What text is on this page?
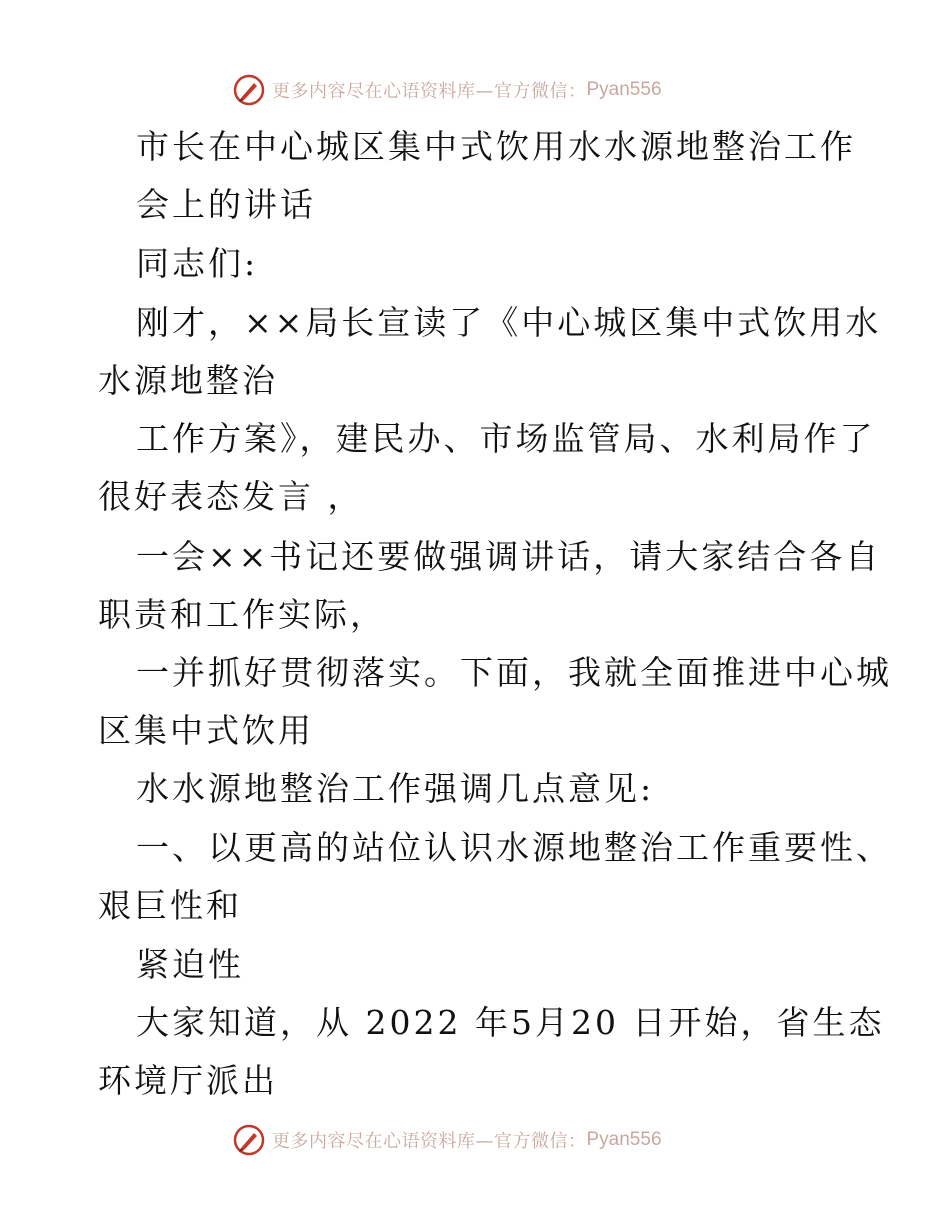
更多内容尽在心语资料库—官方微信： Pyan556
市长在中心城区集中式饮用水水源地整治工作
会上的讲话
同志们:
刚才，××局长宣读了《中心城区集中式饮用水
水源地整治
工作方案》，建民办、市场监管局、水利局作了
很好表态发言 ，
一会××书记还要做强调讲话，请大家结合各自
职责和工作实际，
一并抓好贯彻落实。下面，我就全面推进中心城
区集中式饮用
水水源地整治工作强调几点意见:
一、以更高的站位认识水源地整治工作重要性、
艰巨性和
紧迫性
大家知道，从 2022 年5月20 日开始，省生态
环境厅派出
更多内容尽在心语资料库—官方微信： Pyan556
